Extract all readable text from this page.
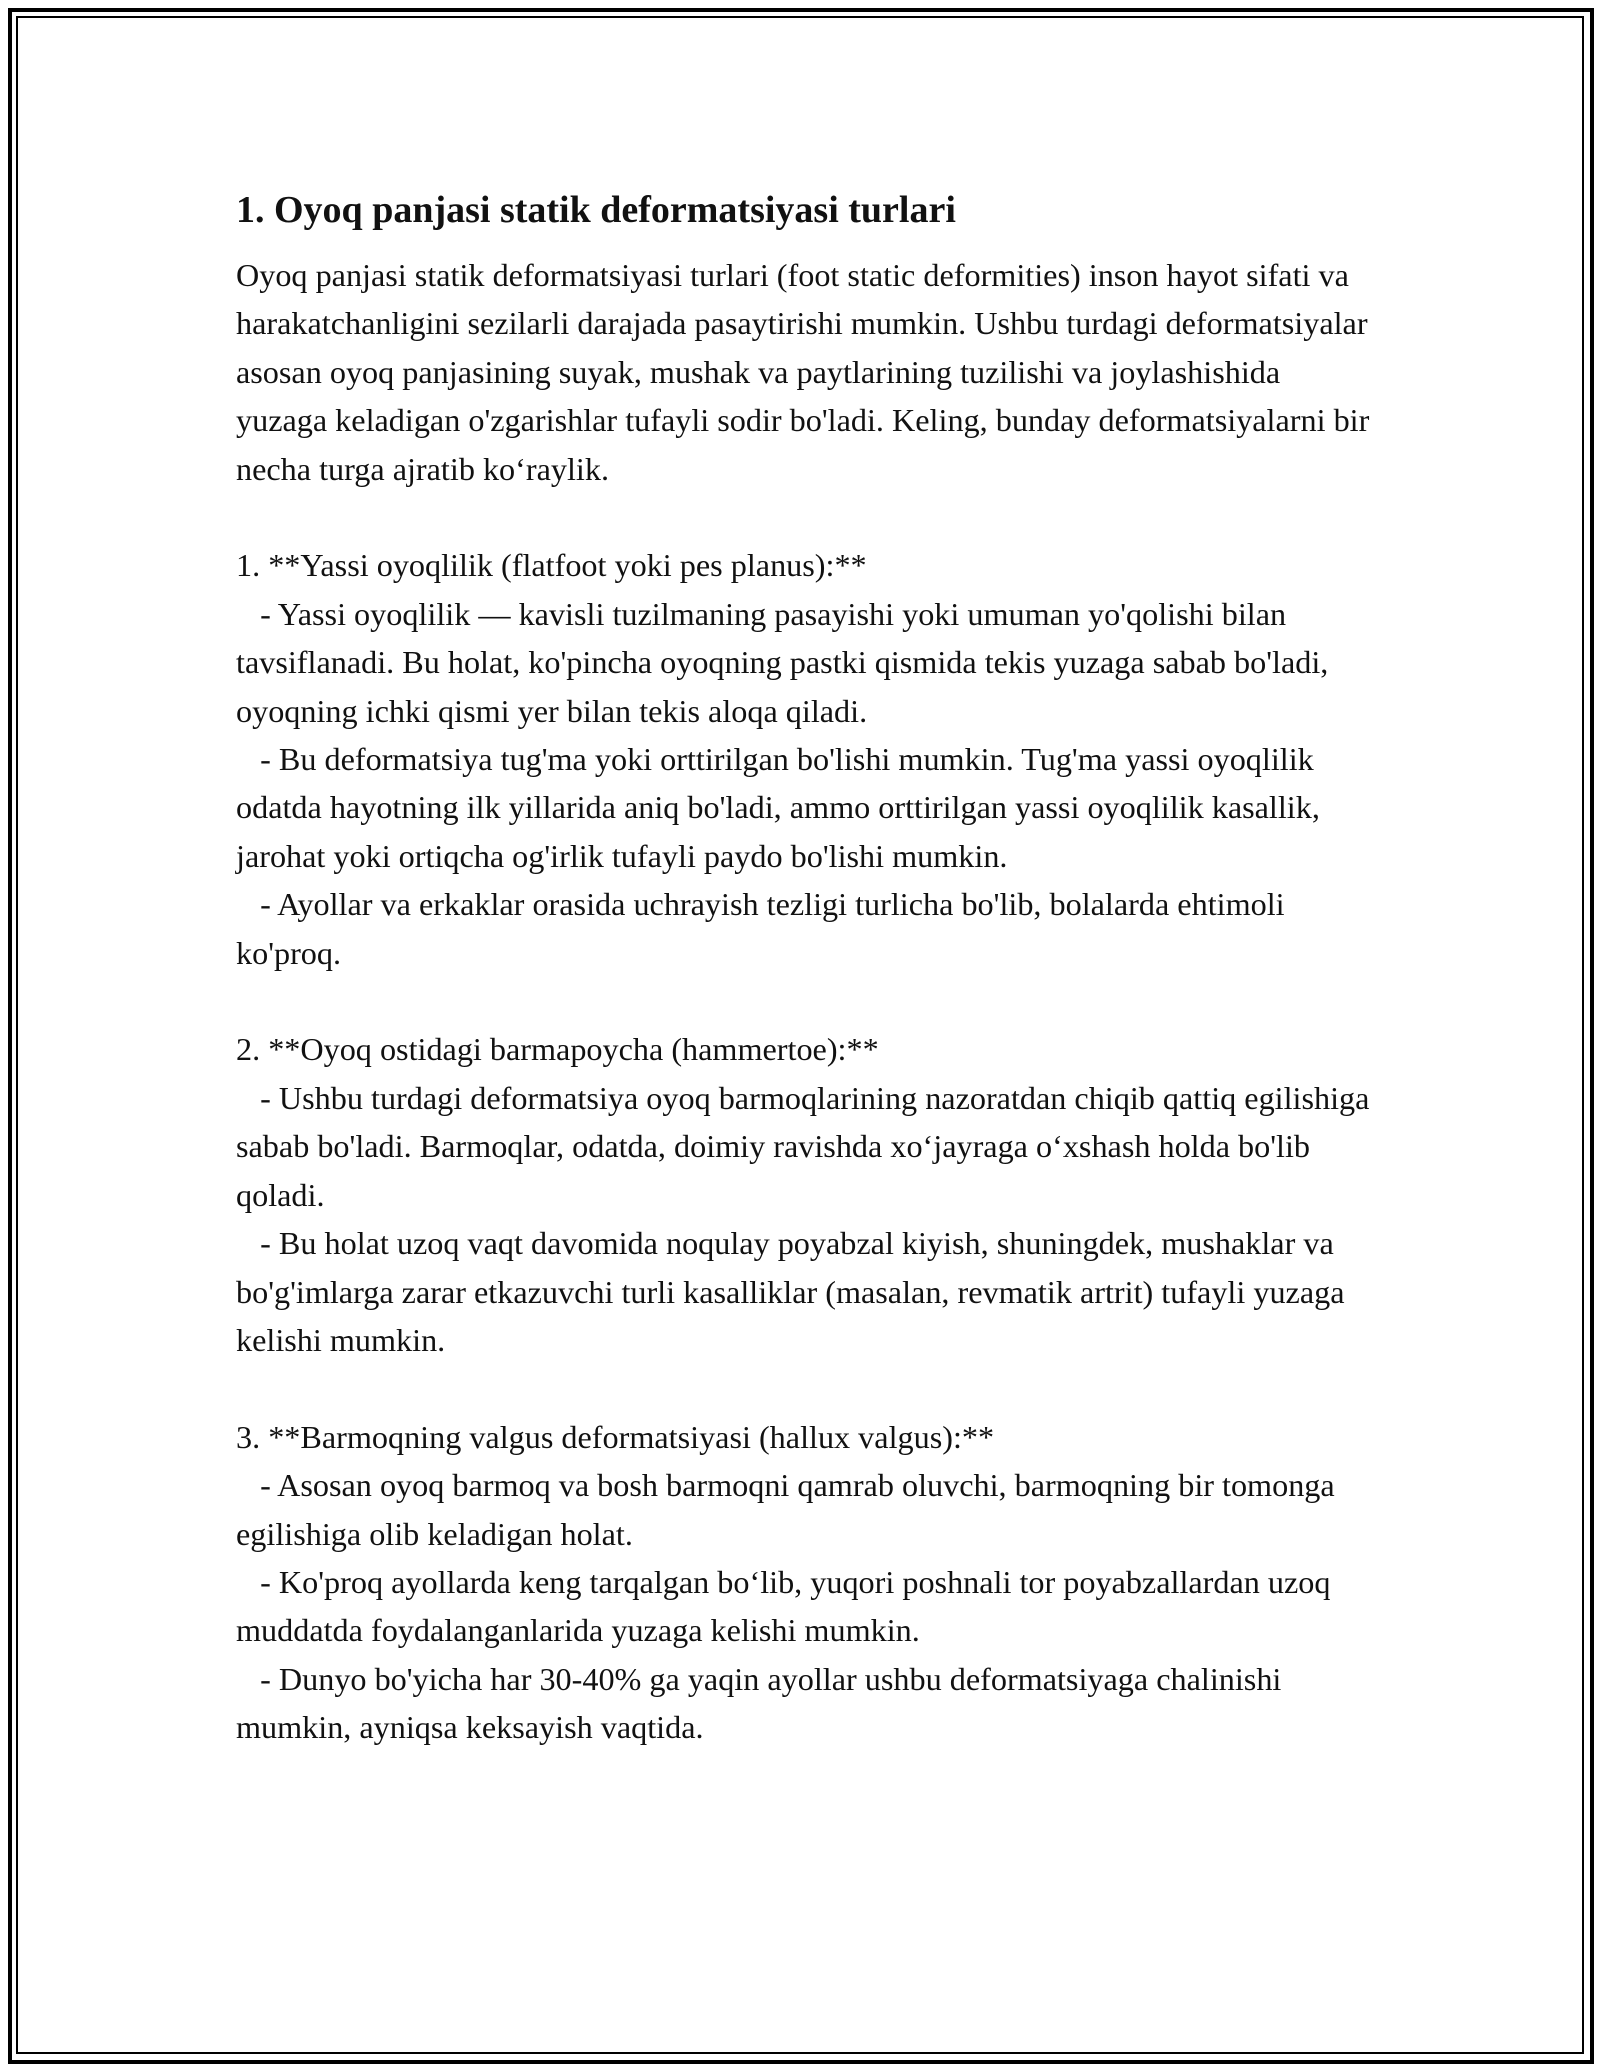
1. Oyoq panjasi statik deformatsiyasi turlari

Oyoq panjasi statik deformatsiyasi turlari (foot static deformities) inson hayot sifati va harakatchanligini sezilarli darajada pasaytirishi mumkin. Ushbu turdagi deformatsiyalar asosan oyoq panjasining suyak, mushak va paytlarining tuzilishi va joylashishida yuzaga keladigan o'zgarishlar tufayli sodir bo'ladi. Keling, bunday deformatsiyalarni bir necha turga ajratib ko‘raylik.

1. **Yassi oyoqlilik (flatfoot yoki pes planus):**

- Yassi oyoqlilik — kavisli tuzilmaning pasayishi yoki umuman yo'qolishi bilan tavsiflanadi. Bu holat, ko'pincha oyoqning pastki qismida tekis yuzaga sabab bo'ladi, oyoqning ichki qismi yer bilan tekis aloqa qiladi.

- Bu deformatsiya tug'ma yoki orttirilgan bo'lishi mumkin. Tug'ma yassi oyoqlilik odatda hayotning ilk yillarida aniq bo'ladi, ammo orttirilgan yassi oyoqlilik kasallik, jarohat yoki ortiqcha og'irlik tufayli paydo bo'lishi mumkin.

- Ayollar va erkaklar orasida uchrayish tezligi turlicha bo'lib, bolalarda ehtimoli ko'proq.

2. **Oyoq ostidagi barmapoycha (hammertoe):**

- Ushbu turdagi deformatsiya oyoq barmoqlarining nazoratdan chiqib qattiq egilishiga sabab bo'ladi. Barmoqlar, odatda, doimiy ravishda xo‘jayraga o‘xshash holda bo'lib qoladi.

- Bu holat uzoq vaqt davomida noqulay poyabzal kiyish, shuningdek, mushaklar va bo'g'imlarga zarar etkazuvchi turli kasalliklar (masalan, revmatik artrit) tufayli yuzaga kelishi mumkin.

3. **Barmoqning valgus deformatsiyasi (hallux valgus):**

- Asosan oyoq barmoq va bosh barmoqni qamrab oluvchi, barmoqning bir tomonga egilishiga olib keladigan holat.

- Ko'proq ayollarda keng tarqalgan bo‘lib, yuqori poshnali tor poyabzallardan uzoq muddatda foydalanganlarida yuzaga kelishi mumkin.

- Dunyo bo'yicha har 30-40% ga yaqin ayollar ushbu deformatsiyaga chalinishi mumkin, ayniqsa keksayish vaqtida.
